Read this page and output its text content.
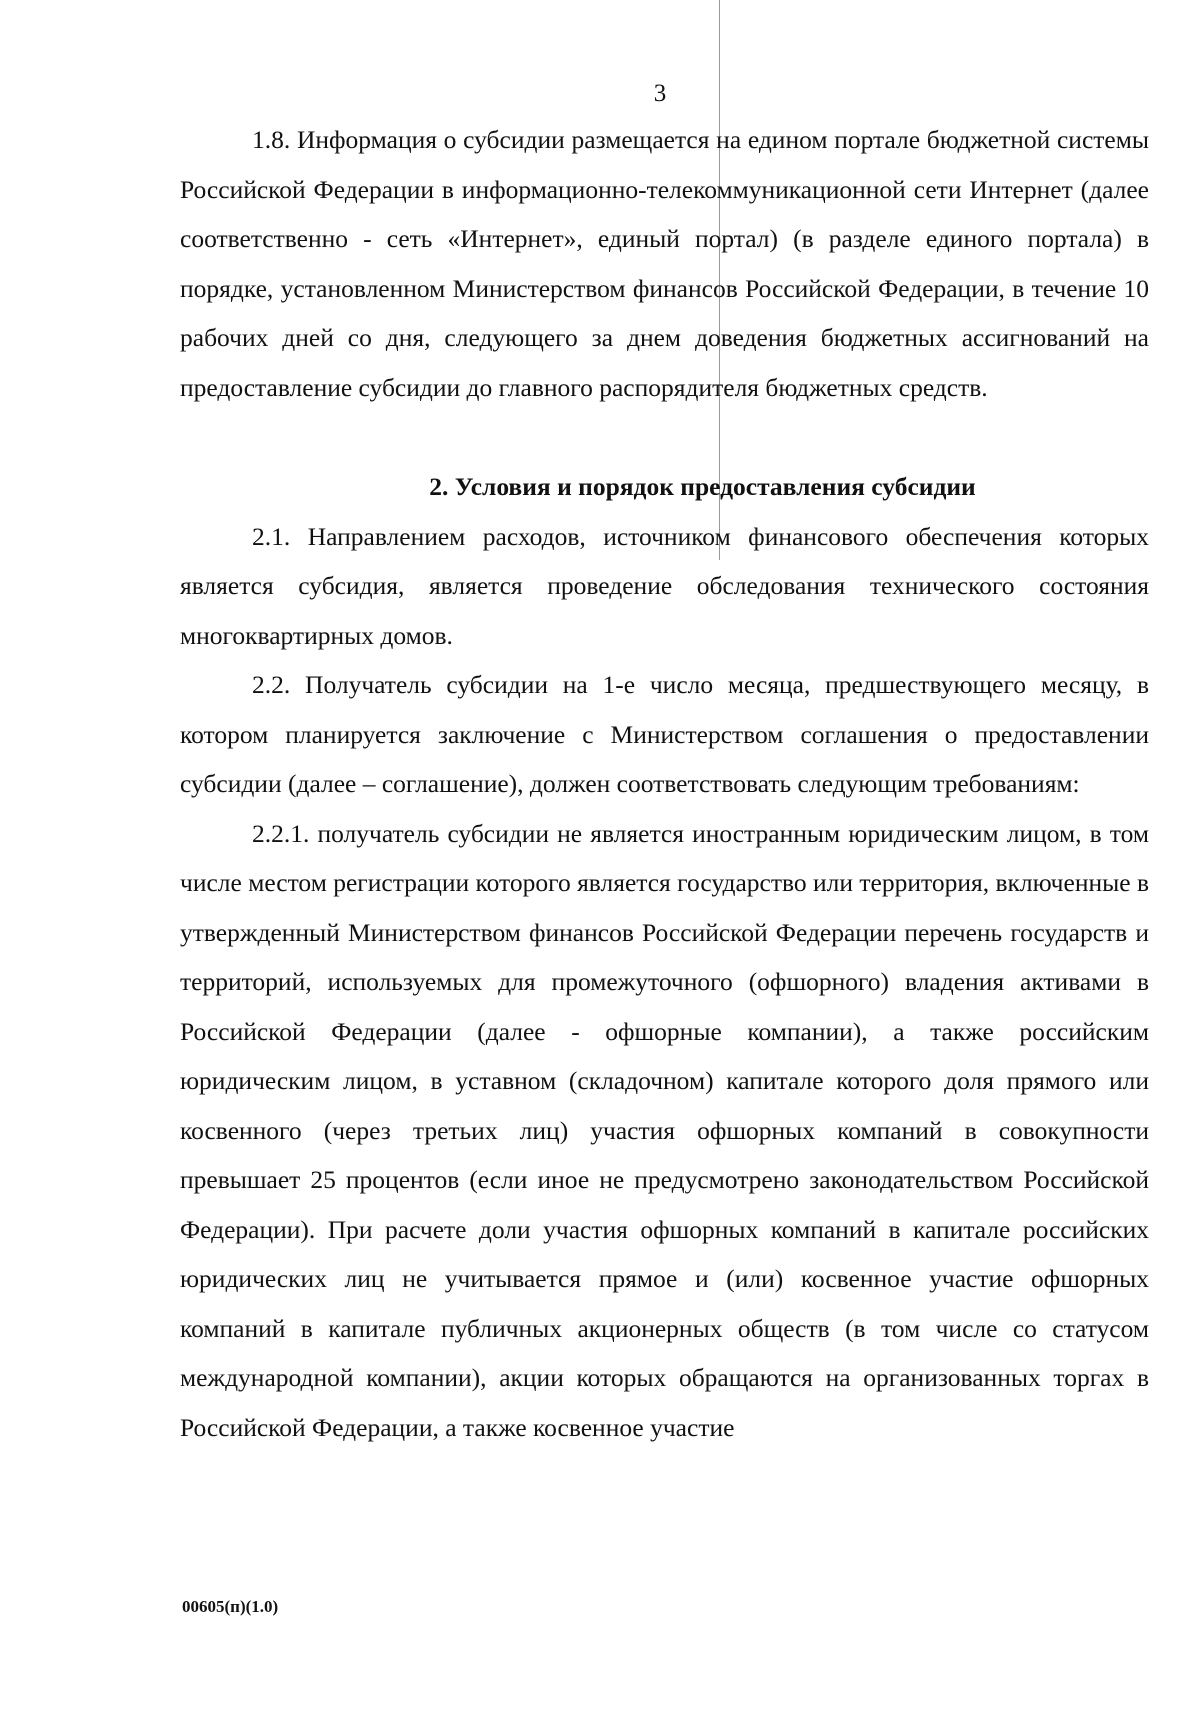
3

1.8. Информация о субсидии размещается на едином портале бюджетной системы Российской Федерации в информационно-телекоммуникационной сети Интернет (далее соответственно - сеть «Интернет», единый портал) (в разделе единого портала) в порядке, установленном Министерством финансов Российской Федерации, в течение 10 рабочих дней со дня, следующего за днем доведения бюджетных ассигнований на предоставление субсидии до главного распорядителя бюджетных средств.

2. Условия и порядок предоставления субсидии

2.1. Направлением расходов, источником финансового обеспечения которых является субсидия, является проведение обследования технического состояния многоквартирных домов.

2.2. Получатель субсидии на 1-е число месяца, предшествующего месяцу, в котором планируется заключение с Министерством соглашения о предоставлении субсидии (далее – соглашение), должен соответствовать следующим требованиям:

2.2.1. получатель субсидии не является иностранным юридическим лицом, в том числе местом регистрации которого является государство или территория, включенные в утвержденный Министерством финансов Российской Федерации перечень государств и территорий, используемых для промежуточного (офшорного) владения активами в Российской Федерации (далее - офшорные компании), а также российским юридическим лицом, в уставном (складочном) капитале которого доля прямого или косвенного (через третьих лиц) участия офшорных компаний в совокупности превышает 25 процентов (если иное не предусмотрено законодательством Российской Федерации). При расчете доли участия офшорных компаний в капитале российских юридических лиц не учитывается прямое и (или) косвенное участие офшорных компаний в капитале публичных акционерных обществ (в том числе со статусом международной компании), акции которых обращаются на организованных торгах в Российской Федерации, а также косвенное участие

00605(п)(1.0)
